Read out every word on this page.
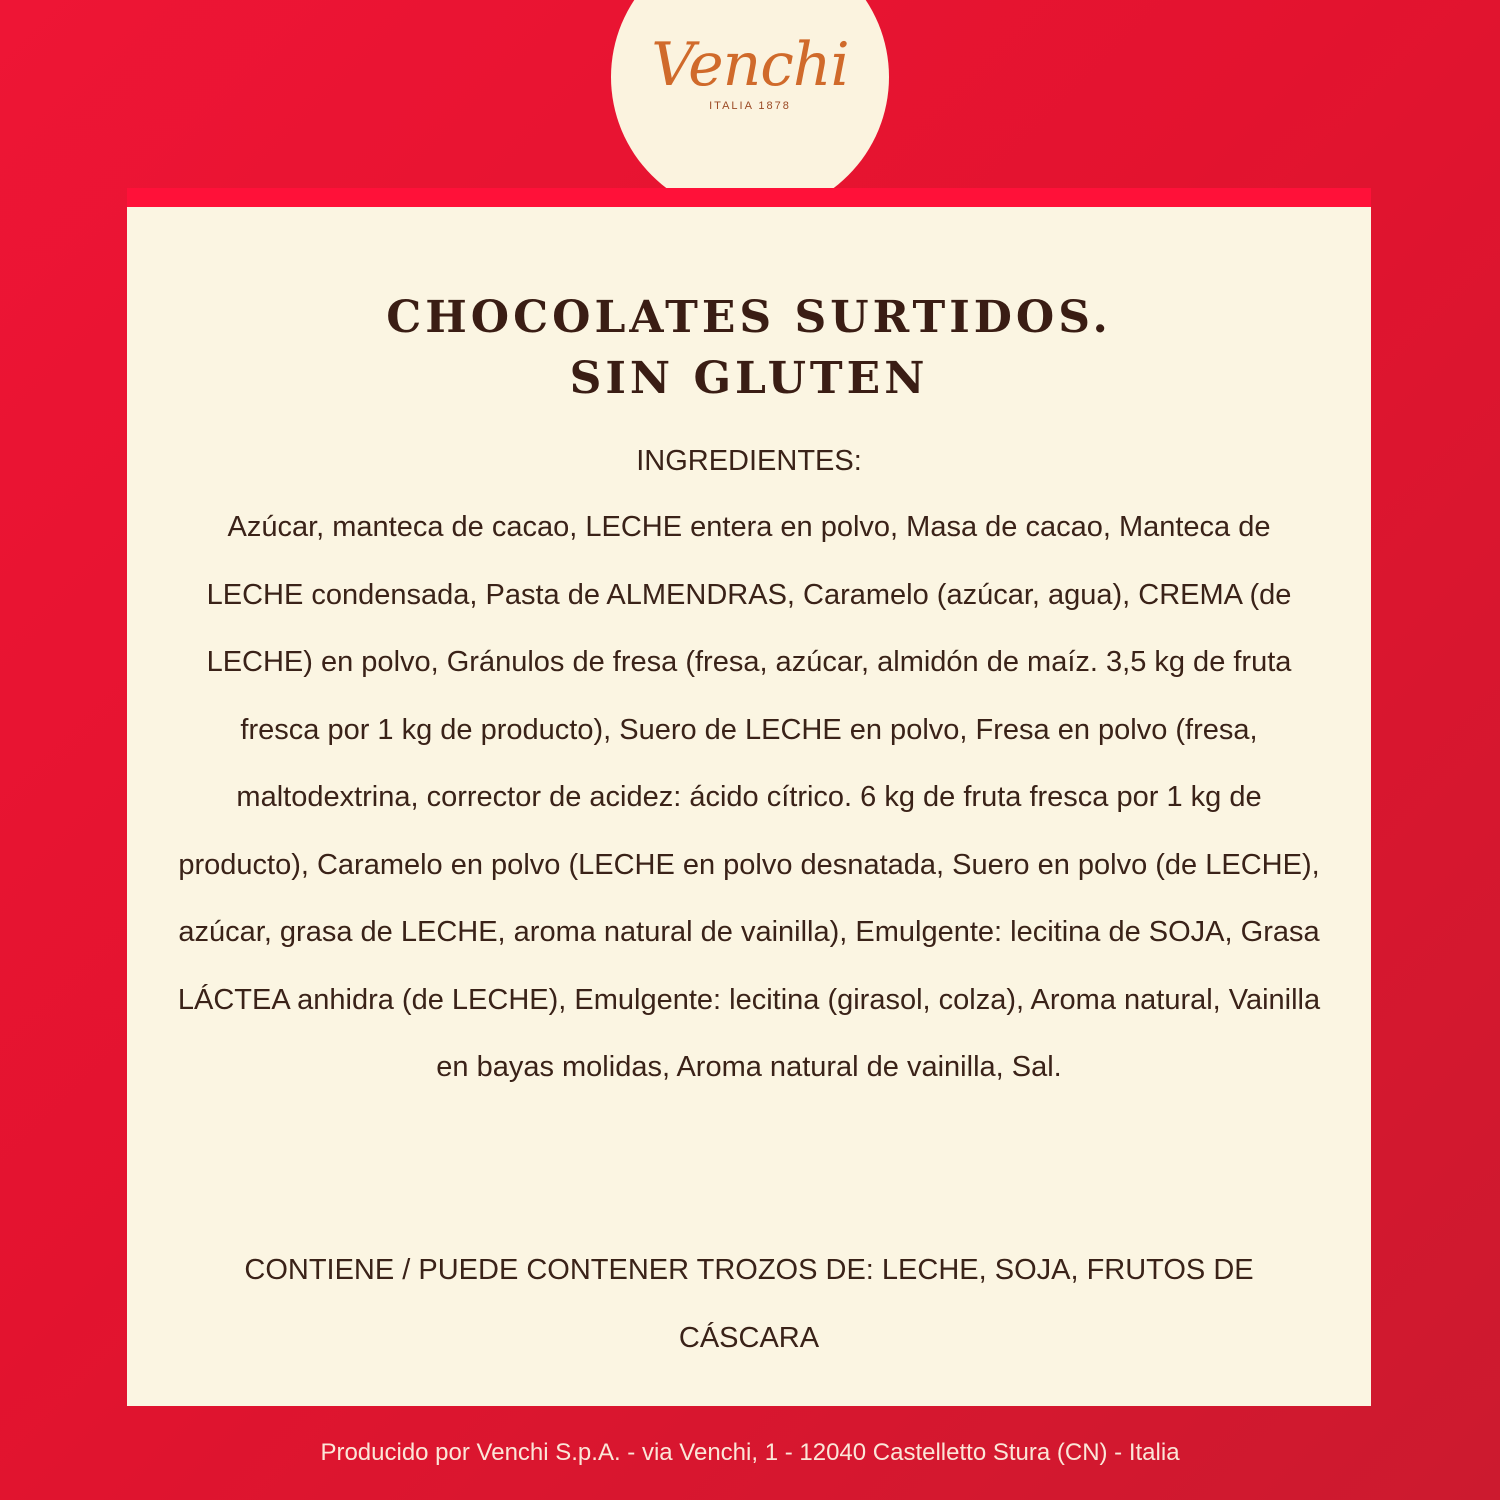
Venchi
ITALIA 1878
CHOCOLATES SURTIDOS.
SIN GLUTEN
INGREDIENTES:

Azúcar, manteca de cacao, LECHE entera en polvo, Masa de cacao, Manteca de LECHE condensada, Pasta de ALMENDRAS, Caramelo (azúcar, agua), CREMA (de LECHE) en polvo, Gránulos de fresa (fresa, azúcar, almidón de maíz. 3,5 kg de fruta fresca por 1 kg de producto), Suero de LECHE en polvo, Fresa en polvo (fresa, maltodextrina, corrector de acidez: ácido cítrico. 6 kg de fruta fresca por 1 kg de producto), Caramelo en polvo (LECHE en polvo desnatada, Suero en polvo (de LECHE), azúcar, grasa de LECHE, aroma natural de vainilla), Emulgente: lecitina de SOJA, Grasa LÁCTEA anhidra (de LECHE), Emulgente: lecitina (girasol, colza), Aroma natural, Vainilla en bayas molidas, Aroma natural de vainilla, Sal.

CONTIENE / PUEDE CONTENER TROZOS DE: LECHE, SOJA, FRUTOS DE CÁSCARA

Producido por Venchi S.p.A. - via Venchi, 1 - 12040 Castelletto Stura (CN) - Italia
